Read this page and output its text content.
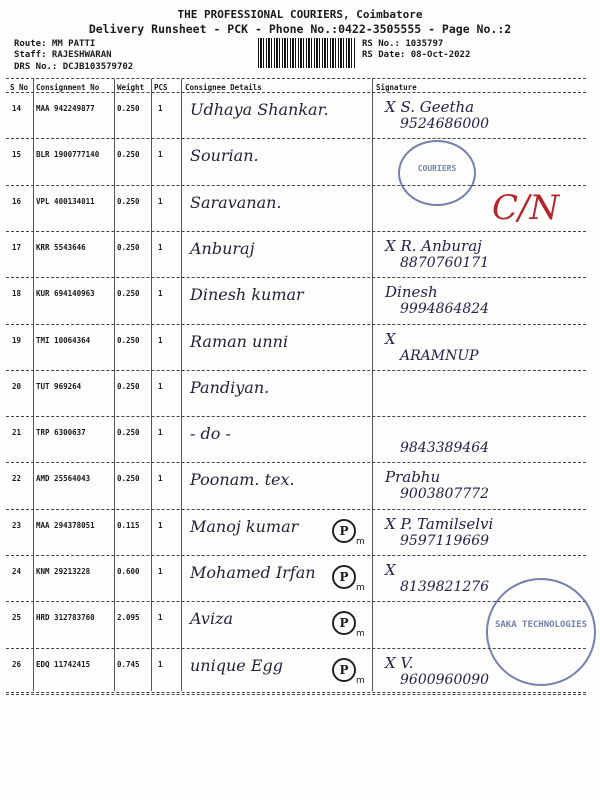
THE PROFESSIONAL COURIERS, Coimbatore
Delivery Runsheet - PCK - Phone No.:0422-3505555 - Page No.:2
Route: MM PATTI
Staff: RAJESHWARAN
DRS No.: DCJB103579702
RS No.: 1035797
RS Date: 08-Oct-2022
S No Consignment No Weight PCS Consignee Details	Signature
14 MAA 942249877	0.250 1 Udhaya Shankar.	X S. Geetha
9524686000
15 BLR 1900777140 0.250 1 Sourian.
16 VPL 400134011	0.250 1 Saravanan.
17 KRR 5543646	0.250 1 Anburaj	X R. Anburaj
8870760171
18 KUR 694140963	0.250 1 Dinesh kumar	Dinesh
9994864824
19 TMI 10064364	0.250 1 Raman unni	X
ARAMNUP
20 TUT 969264	0.250 1 Pandiyan.
21 TRP 6300637	0.250 1 - do -
9843389464
22 AMD 25564043	0.250 1 Poonam. tex.	Prabhu
9003807772
23 MAA 294378051	0.115 1 Manoj kumar	X P. Tamilselvi
9597119669
P
m
24 KNM 29213228	0.600 1 Mohamed Irfan	X
8139821276
P
m
25 HRD 312783760	2.095 1 Aviza	P
m
26 EDQ 11742415	0.745 1 unique Egg	X V.
9600960090
P
m
C/N
COURIERS
SAKA TECHNOLOGIES
